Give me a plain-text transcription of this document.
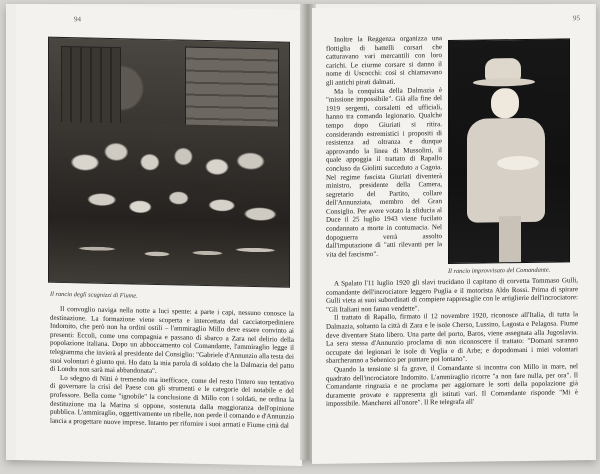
94
Il rancio degli scugnizzi di Fiume.

Il convoglio naviga nella notte a luci spente: a parte i capi, nessuno conosce la destinazione. La formazione viene scoperta e intercettata dal cacciatorpediniere Indomito, che però non ha ordini ostili – l'ammiraglio Millo deve essere convinto ai presenti: Eccoli, come una compagnia e passano di sbarco a Zara nel delirio della popolazione italiana. Dopo un abboccamento col Comandante, l'ammiraglio legge il telegramma che invierà al presidente del Consiglio: "Gabriele d'Annunzio alla testa dei suoi volontari è giunto qui. Ho dato la mia parola di soldato che la Dalmazia del patto di Londra non sarà mai abbandonata".

Lo sdegno di Nitti è tremendo ma inefficace, come del resto l'intero suo tentativo di governare la crisi del Paese con gli strumenti e le categorie del notabile e del professore. Bella come "ignobile" la conclusione di Millo con i soldati, ne ordina la destituzione ma la Marina si oppone, sostenuta dalla maggioranza dell'opinione pubblica. L'ammiraglio, oggettivamente un ribelle, non perde il comando e d'Annunzio lancia a progettare nuove imprese. Intanto per rifornire i suoi armati e Fiume città dal

95

Inoltre la Reggenza organizza una flottiglia di battelli corsari che catturavano vari mercantili con loro carichi. Le ciurme corsare si danno il nome di Uscocchi: così si chiamavano gli antichi pirati dalmati.

Ma la conquista della Dalmazia è "missione impossibile". Già alla fine del 1919 sergenti, corsaletti ed ufficiali, hanno tra comando legionario. Qualche tempo dopo Giuriati si ritira. considerando estremistici i propositi di resistenza ad oltranza e dunque approvando la linea di Mussolini, il quale appoggia il trattato di Rapallo concluso da Giolitti succeduto a Cagoia. Nel regime fascista Giuriati diventerà ministro, presidente della Camera, segretario del Partito, collare dell'Annunziata, membro del Gran Consiglio. Per avere votato la sfiducia al Duce il 25 luglio 1943 viene fucilato condannato a morte in contumacia. Nel dopoguerra verrà assolto dall'imputazione di "atti rilevanti per la vita del fascismo".

Il rancio improvvisato del Comandante.

A Spalato l'11 luglio 1920 gli slavi trucidano il capitano di corvetta Tommaso Gulli, comandante dell'incrociatore leggero Puglia e il motorista Aldo Rossi. Prima di spirare Gulli vieta ai suoi subordinati di compiere rappresaglie con le artiglierie dell'incrociatore: "Gli Italiani non fanno vendette".

Il trattato di Rapallo, firmato il 12 novembre 1920, riconosce all'Italia, di tutta la Dalmazia, soltanto la città di Zara e le isole Cherso, Lussino, Lagosta e Pelagosa. Fiume deve diventare Stato libero. Una parte del porto, Baros, viene assegnata alla Jugoslavia. La sera stessa d'Annunzio proclama di non riconoscere il trattato: "Domani saranno occupate dai legionari le isole di Veglia e di Arbe; e dopodomani i miei volontari sbarcheranno a Sebenico per puntare poi lontano".

Quando la tensione si fa grave, il Comandante si incontra con Millo in mare, nel quadrato dell'incrociatore Indomito. L'ammiraglio ricorre "a non fare nulla, per ora". Il Comandante ringrazia e ne proclama per aggiornare le sorti della popolazione già duramente provate e rappresenta gli istituti vari. Il Comandante risponde "Mi è impossibile. Mancherei all'onore". Il Re telegrafa all'
